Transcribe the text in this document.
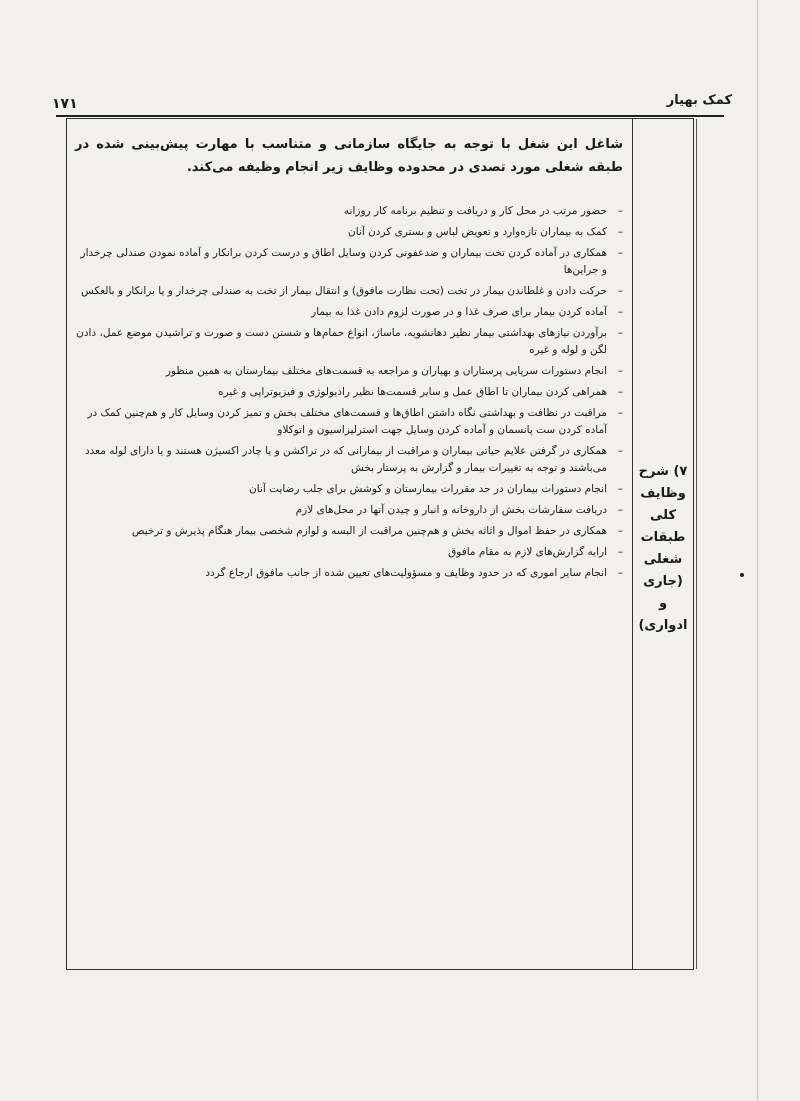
کمک بهیار
۱۷۱
۷) شرح
وظایف
کلی
طبقات
شغلی
(جاری و
ادواری)

شاغل این شغل با توجه به جایگاه سازمانی و متناسب با مهارت پیش‌بینی شده در طبقه شغلی مورد تصدی در محدوده وظایف زیر انجام وظیفه می‌کند.

–
حضور مرتب در محل کار و دریافت و تنظیم برنامه کار روزانه
–
کمک به بیماران تازه‌وارد و تعویض لباس و بستری کردن آنان
–
همکاری در آماده کردن تخت بیماران و ضدعفونی کردن وسایل اطاق و درست کردن برانکار و آماده نمودن صندلی چرخدار و جراین‌ها
–
حرکت دادن و غلطاندن بیمار در تخت (تحت نظارت مافوق) و انتقال بیمار از تخت به صندلی چرخدار و یا برانکار و بالعکس
–
آماده کردن بیمار برای صرف غذا و در صورت لزوم دادن غذا به بیمار
–
برآوردن نیازهای بهداشتی بیمار نظیر دهانشویه، ماساژ، انواع حمام‌ها و شستن دست و صورت و تراشیدن موضع عمل، دادن لگن و لوله و غیره
–
انجام دستورات سرپایی پرستاران و بهیاران و مراجعه به قسمت‌های مختلف بیمارستان به همین منظور
–
همراهی کردن بیماران تا اطاق عمل و سایر قسمت‌ها نظیر رادیولوژی و فیزیوتراپی و غیره
–
مراقبت در نظافت و بهداشتی نگاه داشتن اطاق‌ها و قسمت‌های مختلف بخش و تمیز کردن وسایل کار و هم‌چنین کمک در آماده کردن ست پانسمان و آماده کردن وسایل جهت استرلیزاسیون و اتوکلاو
–
همکاری در گرفتن علایم حیاتی بیماران و مراقبت از بیمارانی که در تراکشن و یا چادر اکسیژن هستند و یا دارای لوله معدد می‌باشند و توجه به تغییرات بیمار و گزارش به پرستار بخش
–
انجام دستورات بیماران در حد مقررات بیمارستان و کوشش برای جلب رضایت آنان
–
دریافت سفارشات بخش از داروخانه و انبار و چیدن آنها در محل‌های لازم
–
همکاری در حفظ اموال و اثاثه بخش و هم‌چنین مراقبت از البسه و لوازم شخصی بیمار هنگام پذیرش و ترخیص
–
ارایه گزارش‌های لازم به مقام مافوق
–
انجام سایر اموری که در حدود وظایف و مسؤولیت‌های تعیین شده از جانب مافوق ارجاع گردد
